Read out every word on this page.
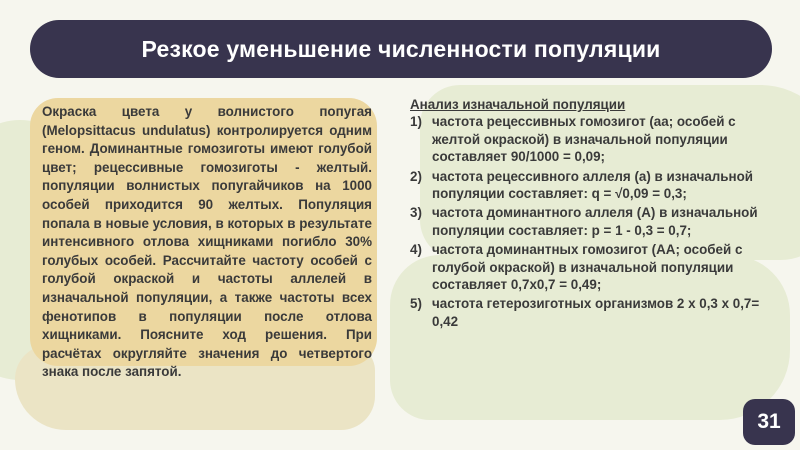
Резкое уменьшение численности популяции

Окраска цвета у волнистого попугая (Melopsittacus undulatus) контролируется одним геном. Доминантные гомозиготы имеют голубой цвет; рецессивные гомозиготы - желтый. популяции волнистых попугайчиков на 1000 особей приходится 90 желтых. Популяция попала в новые условия, в которых в результате интенсивного отлова хищниками погибло 30% голубых особей. Рассчитайте частоту особей с голубой окраской и частоты аллелей в изначальной популяции, а также частоты всех фенотипов в популяции после отлова хищниками. Поясните ход решения. При расчётах округляйте значения до четвертого знака после запятой.

Анализ изначальной популяции

1) частота рецессивных гомозигот (aa; особей с желтой окраской) в изначальной популяции составляет 90/1000 = 0,09;
2) частота рецессивного аллеля (a) в изначальной популяции составляет: q = √0,09 = 0,3;
3) частота доминантного аллеля (A) в изначальной популяции составляет: p = 1 - 0,3 = 0,7;
4) частота доминантных гомозигот (AA; особей с голубой окраской) в изначальной популяции составляет 0,7x0,7 = 0,49;
5) частота гетерозиготных организмов 2 x 0,3 x 0,7= 0,42
31
